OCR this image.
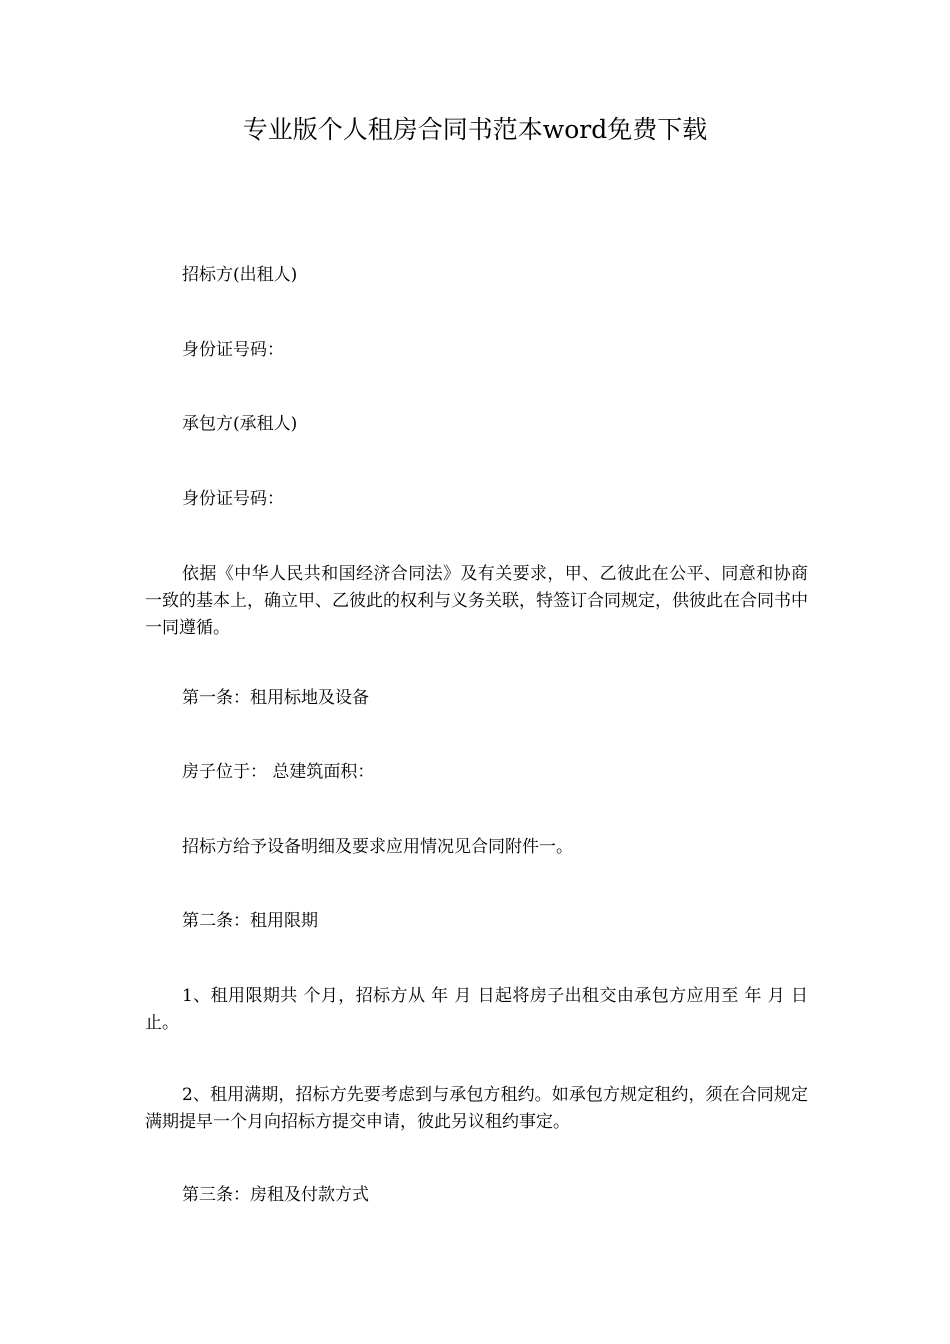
专业版个人租房合同书范本word免费下载

招标方(出租人)

身份证号码：

承包方(承租人)

身份证号码：

依据《中华人民共和国经济合同法》及有关要求，甲、乙彼此在公平、同意和协商一致的基本上，确立甲、乙彼此的权利与义务关联，特签订合同规定，供彼此在合同书中一同遵循。

第一条：租用标地及设备

房子位于： 总建筑面积：

招标方给予设备明细及要求应用情况见合同附件一。

第二条：租用限期

1、租用限期共 个月，招标方从 年 月 日起将房子出租交由承包方应用至 年 月 日止。

2、租用满期，招标方先要考虑到与承包方租约。如承包方规定租约，须在合同规定满期提早一个月向招标方提交申请，彼此另议租约事定。

第三条：房租及付款方式
